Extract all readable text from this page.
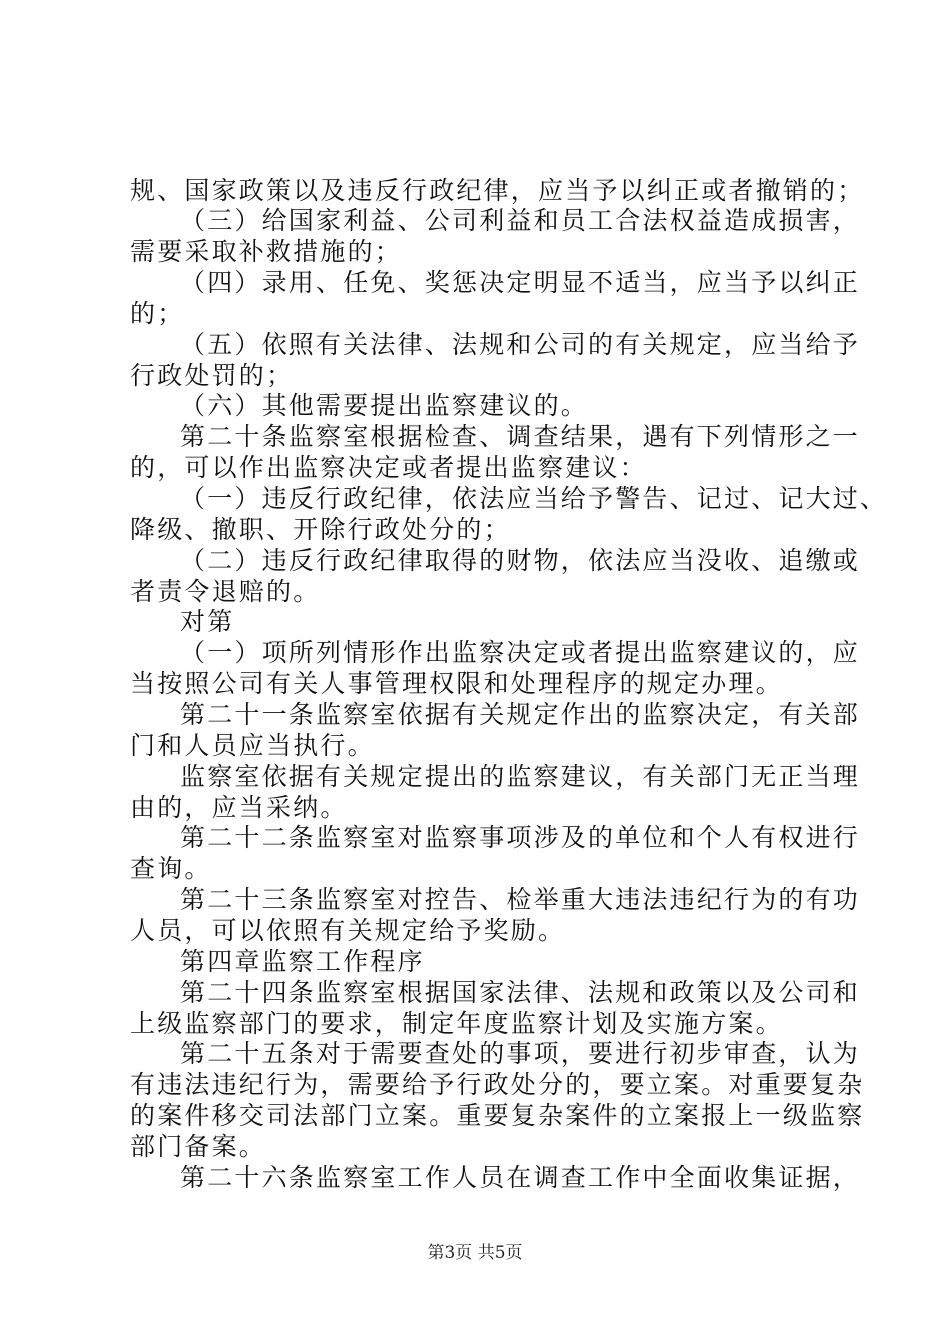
规、国家政策以及违反行政纪律，应当予以纠正或者撤销的；
（三）给国家利益、公司利益和员工合法权益造成损害，
需要采取补救措施的；
（四）录用、任免、奖惩决定明显不适当，应当予以纠正
的；
（五）依照有关法律、法规和公司的有关规定，应当给予
行政处罚的；
（六）其他需要提出监察建议的。
第二十条监察室根据检查、调查结果，遇有下列情形之一
的，可以作出监察决定或者提出监察建议：
（一）违反行政纪律，依法应当给予警告、记过、记大过、
降级、撤职、开除行政处分的；
（二）违反行政纪律取得的财物，依法应当没收、追缴或
者责令退赔的。
对第
（一）项所列情形作出监察决定或者提出监察建议的，应
当按照公司有关人事管理权限和处理程序的规定办理。
第二十一条监察室依据有关规定作出的监察决定，有关部
门和人员应当执行。
监察室依据有关规定提出的监察建议，有关部门无正当理
由的，应当采纳。
第二十二条监察室对监察事项涉及的单位和个人有权进行
查询。
第二十三条监察室对控告、检举重大违法违纪行为的有功
人员，可以依照有关规定给予奖励。
第四章监察工作程序
第二十四条监察室根据国家法律、法规和政策以及公司和
上级监察部门的要求，制定年度监察计划及实施方案。
第二十五条对于需要查处的事项，要进行初步审查，认为
有违法违纪行为，需要给予行政处分的，要立案。对重要复杂
的案件移交司法部门立案。重要复杂案件的立案报上一级监察
部门备案。
第二十六条监察室工作人员在调查工作中全面收集证据，
第3页 共5页
